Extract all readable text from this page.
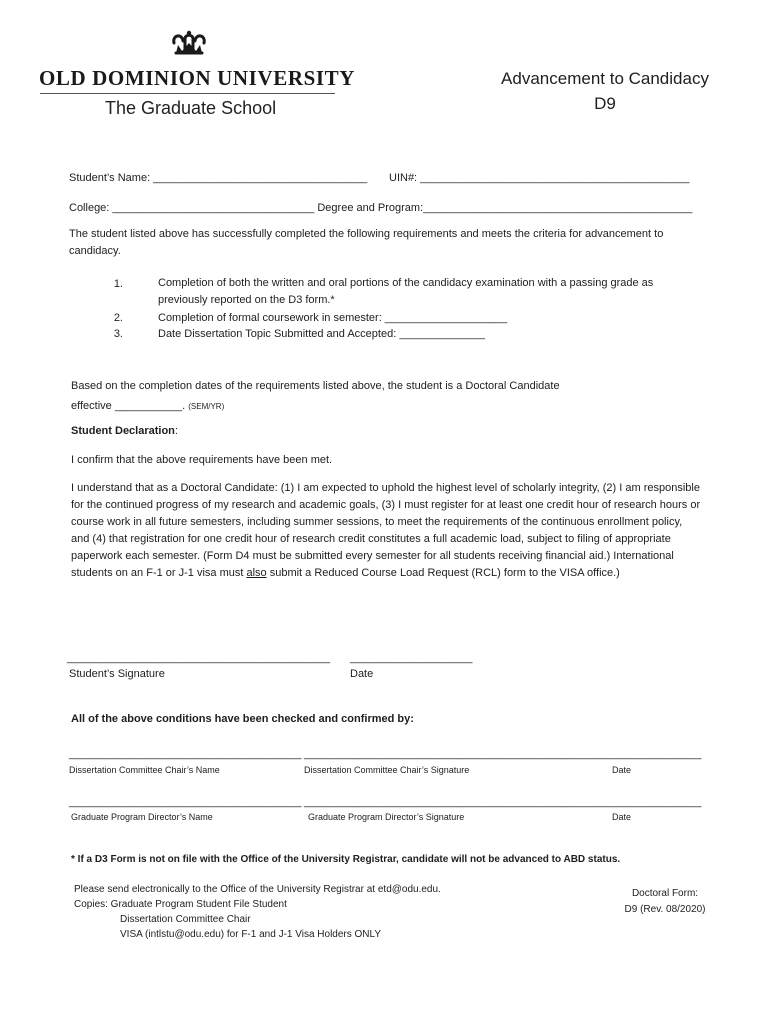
OLD DOMINION UNIVERSITY
The Graduate School
Advancement to Candidacy
D9
Student’s Name: ___________________________________ UIN#: ____________________________________________
College: _________________________________ Degree and Program:____________________________________________
The student listed above has successfully completed the following requirements and meets the criteria for advancement to candidacy.
1.	Completion of both the written and oral portions of the candidacy examination with a passing grade as previously reported on the D3 form.*
2.	Completion of formal coursework in semester: ____________________
3.	Date Dissertation Topic Submitted and Accepted: ______________
Based on the completion dates of the requirements listed above, the student is a Doctoral Candidate
effective ___________. (SEM/YR)
Student Declaration:
I confirm that the above requirements have been met.
I understand that as a Doctoral Candidate: (1) I am expected to uphold the highest level of scholarly integrity, (2) I am responsible for the continued progress of my research and academic goals, (3) I must register for at least one credit hour of research hours or course work in all future semesters, including summer sessions, to meet the requirements of the continuous enrollment policy, and (4) that registration for one credit hour of research credit constitutes a full academic load, subject to filing of appropriate paperwork each semester. (Form D4 must be submitted every semester for all students receiving financial aid.) International students on an F-1 or J-1 visa must also submit a Reduced Course Load Request (RCL) form to the VISA office.)
___________________________________________ ____________________
Student’s Signature	Date
All of the above conditions have been checked and confirmed by:
______________________________________ _____________________________________________ ____________________
Dissertation Committee Chair’s Name	Dissertation Committee Chair’s Signature	Date
______________________________________ _____________________________________________ ____________________
Graduate Program Director’s Name	Graduate Program Director’s Signature	Date
* If a D3 Form is not on file with the Office of the University Registrar, candidate will not be advanced to ABD status.
Please send electronically to the Office of the University Registrar at etd@odu.edu.
Copies: Graduate Program Student File Student
Dissertation Committee Chair
VISA (intlstu@odu.edu) for F-1 and J-1 Visa Holders ONLY
Doctoral Form:
D9 (Rev. 08/2020)
